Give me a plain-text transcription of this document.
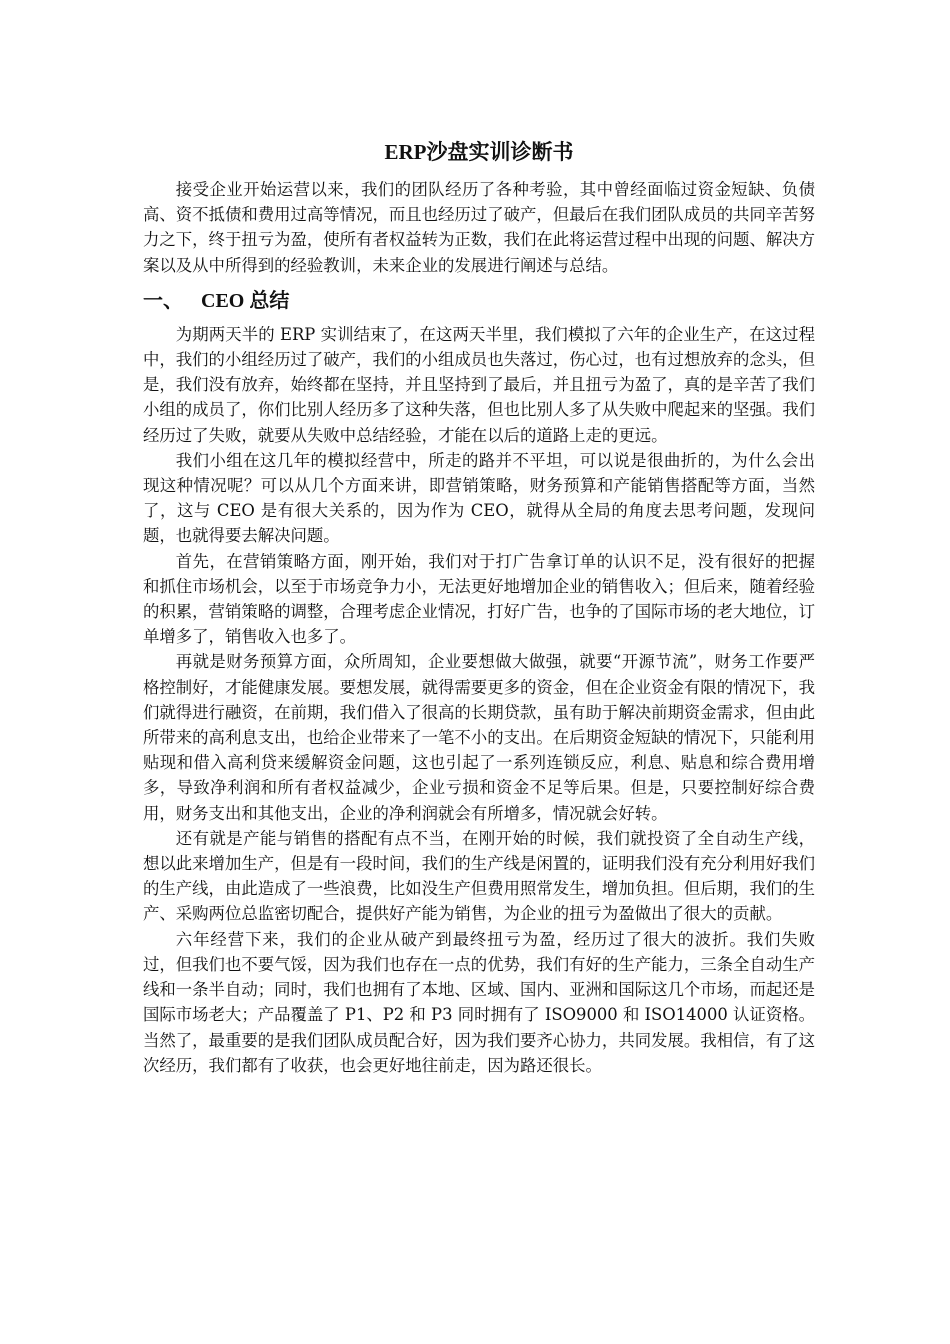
ERP沙盘实训诊断书

接受企业开始运营以来，我们的团队经历了各种考验，其中曾经面临过资金短缺、负债高、资不抵债和费用过高等情况，而且也经历过了破产，但最后在我们团队成员的共同辛苦努力之下，终于扭亏为盈，使所有者权益转为正数，我们在此将运营过程中出现的问题、解决方案以及从中所得到的经验教训，未来企业的发展进行阐述与总结。

一、 CEO 总结

为期两天半的 ERP 实训结束了，在这两天半里，我们模拟了六年的企业生产，在这过程中，我们的小组经历过了破产，我们的小组成员也失落过，伤心过，也有过想放弃的念头，但是，我们没有放弃，始终都在坚持，并且坚持到了最后，并且扭亏为盈了，真的是辛苦了我们小组的成员了，你们比别人经历多了这种失落，但也比别人多了从失败中爬起来的坚强。我们经历过了失败，就要从失败中总结经验，才能在以后的道路上走的更远。

我们小组在这几年的模拟经营中，所走的路并不平坦，可以说是很曲折的，为什么会出现这种情况呢？可以从几个方面来讲，即营销策略，财务预算和产能销售搭配等方面，当然了，这与 CEO 是有很大关系的，因为作为 CEO，就得从全局的角度去思考问题，发现问题，也就得要去解决问题。

首先，在营销策略方面，刚开始，我们对于打广告拿订单的认识不足，没有很好的把握和抓住市场机会，以至于市场竞争力小，无法更好地增加企业的销售收入；但后来，随着经验的积累，营销策略的调整，合理考虑企业情况，打好广告，也争的了国际市场的老大地位，订单增多了，销售收入也多了。

再就是财务预算方面，众所周知，企业要想做大做强，就要“开源节流”，财务工作要严格控制好，才能健康发展。要想发展，就得需要更多的资金，但在企业资金有限的情况下，我们就得进行融资，在前期，我们借入了很高的长期贷款，虽有助于解决前期资金需求，但由此所带来的高利息支出，也给企业带来了一笔不小的支出。在后期资金短缺的情况下，只能利用贴现和借入高利贷来缓解资金问题，这也引起了一系列连锁反应，利息、贴息和综合费用增多，导致净利润和所有者权益减少，企业亏损和资金不足等后果。但是，只要控制好综合费用，财务支出和其他支出，企业的净利润就会有所增多，情况就会好转。

还有就是产能与销售的搭配有点不当，在刚开始的时候，我们就投资了全自动生产线，想以此来增加生产，但是有一段时间，我们的生产线是闲置的，证明我们没有充分利用好我们的生产线，由此造成了一些浪费，比如没生产但费用照常发生，增加负担。但后期，我们的生产、采购两位总监密切配合，提供好产能为销售，为企业的扭亏为盈做出了很大的贡献。

六年经营下来，我们的企业从破产到最终扭亏为盈，经历过了很大的波折。我们失败过，但我们也不要气馁，因为我们也存在一点的优势，我们有好的生产能力，三条全自动生产线和一条半自动；同时，我们也拥有了本地、区域、国内、亚洲和国际这几个市场，而起还是国际市场老大；产品覆盖了 P1、P2 和 P3 同时拥有了 ISO9000 和 ISO14000 认证资格。当然了，最重要的是我们团队成员配合好，因为我们要齐心协力，共同发展。我相信，有了这次经历，我们都有了收获，也会更好地往前走，因为路还很长。
